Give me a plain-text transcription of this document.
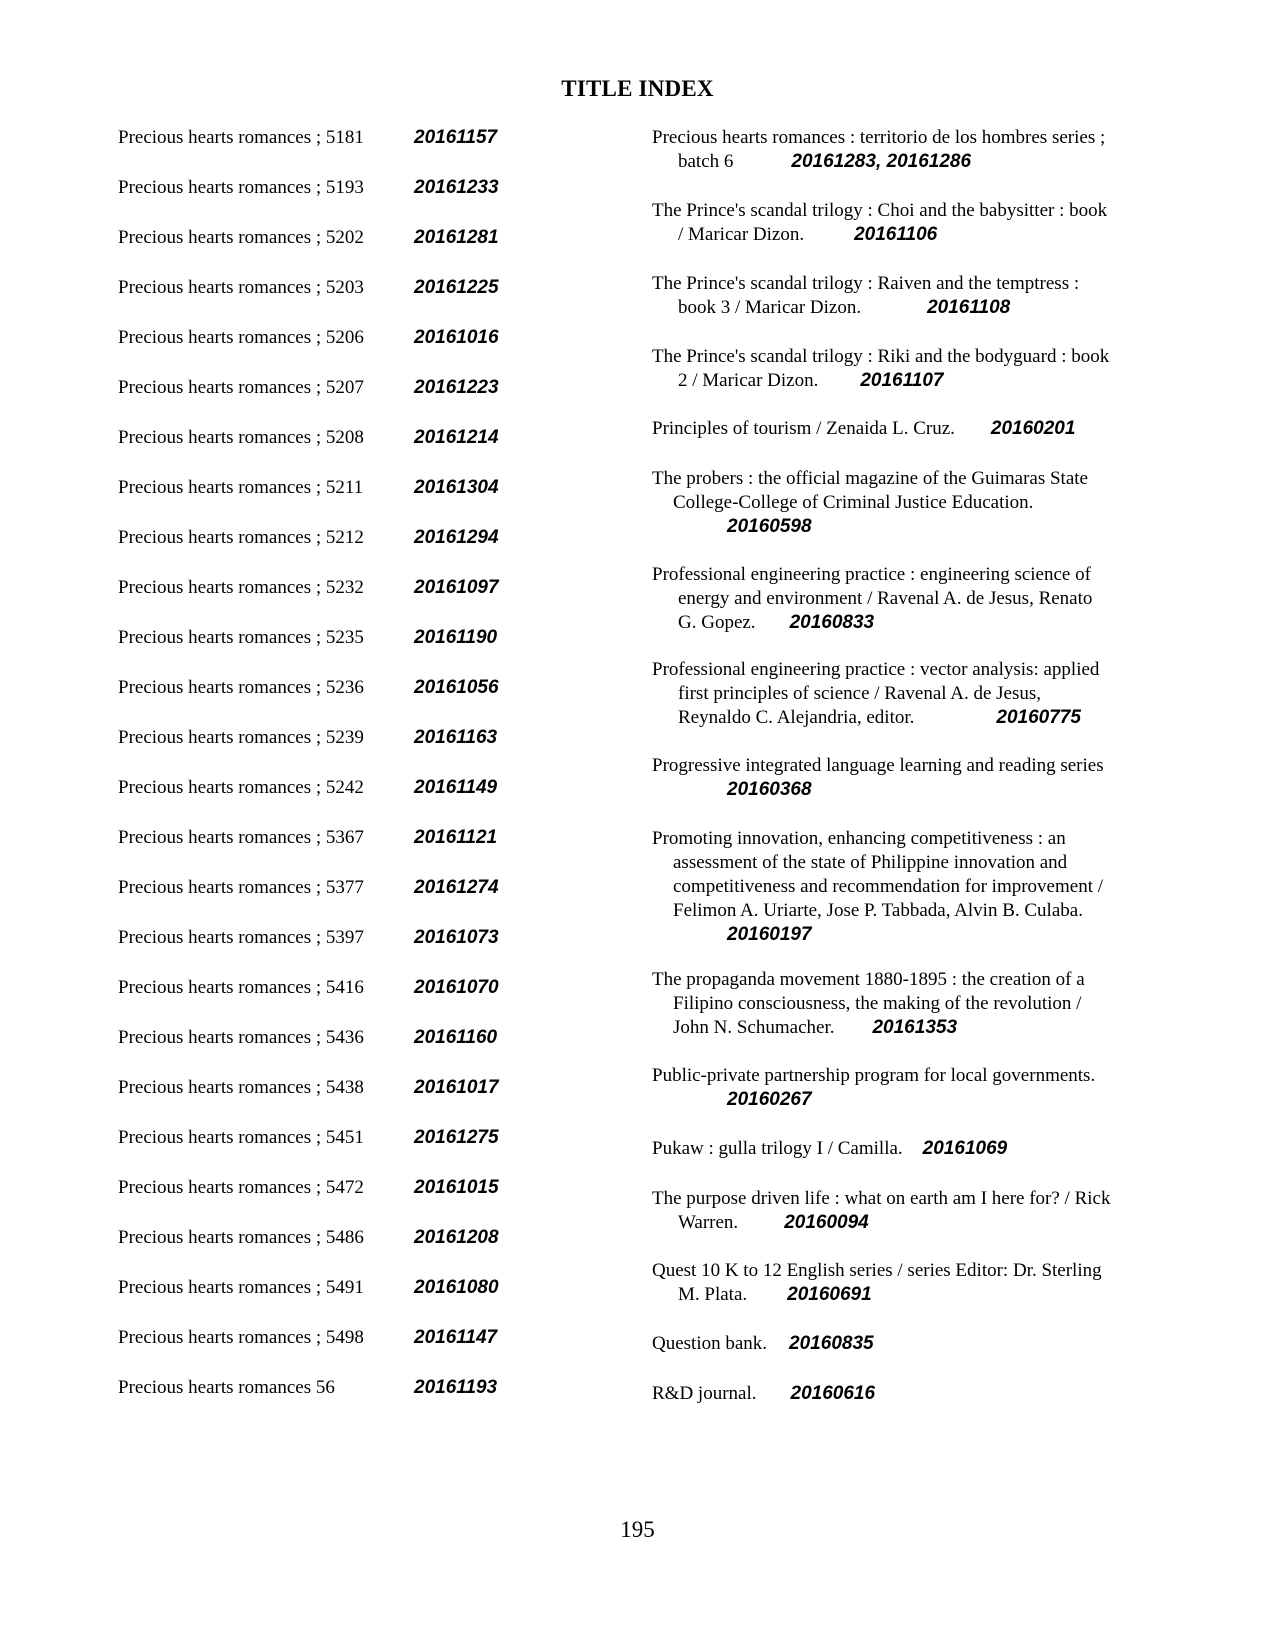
TITLE INDEX
Precious hearts romances ; 5181	20161157
Precious hearts romances ; 5193	20161233
Precious hearts romances ; 5202	20161281
Precious hearts romances ; 5203	20161225
Precious hearts romances ; 5206	20161016
Precious hearts romances ; 5207	20161223
Precious hearts romances ; 5208	20161214
Precious hearts romances ; 5211	20161304
Precious hearts romances ; 5212	20161294
Precious hearts romances ; 5232	20161097
Precious hearts romances ; 5235	20161190
Precious hearts romances ; 5236	20161056
Precious hearts romances ; 5239	20161163
Precious hearts romances ; 5242	20161149
Precious hearts romances ; 5367	20161121
Precious hearts romances ; 5377	20161274
Precious hearts romances ; 5397	20161073
Precious hearts romances ; 5416	20161070
Precious hearts romances ; 5436	20161160
Precious hearts romances ; 5438	20161017
Precious hearts romances ; 5451	20161275
Precious hearts romances ; 5472	20161015
Precious hearts romances ; 5486	20161208
Precious hearts romances ; 5491	20161080
Precious hearts romances ; 5498	20161147
Precious hearts romances 56	20161193
Precious hearts romances : territorio de los hombres series ;
batch 6	20161283, 20161286
The Prince's scandal trilogy : Choi and the babysitter : book
/ Maricar Dizon.	20161106
The Prince's scandal trilogy : Raiven and the temptress :
book 3 / Maricar Dizon.	20161108
The Prince's scandal trilogy : Riki and the bodyguard : book
2 / Maricar Dizon. 20161107
Principles of tourism / Zenaida L. Cruz. 20160201
The probers : the official magazine of the Guimaras State
College-College of Criminal Justice Education.
20160598
Professional engineering practice : engineering science of
energy and environment / Ravenal A. de Jesus, Renato
G. Gopez. 20160833
Professional engineering practice : vector analysis: applied
first principles of science / Ravenal A. de Jesus,
Reynaldo C. Alejandria, editor.	20160775
Progressive integrated language learning and reading series
20160368
Promoting innovation, enhancing competitiveness : an
assessment of the state of Philippine innovation and
competitiveness and recommendation for improvement /
Felimon A. Uriarte, Jose P. Tabbada, Alvin B. Culaba.
20160197
The propaganda movement 1880-1895 : the creation of a
Filipino consciousness, the making of the revolution /
John N. Schumacher. 20161353
Public-private partnership program for local governments.
20160267
Pukaw : gulla trilogy I / Camilla. 20161069
The purpose driven life : what on earth am I here for? / Rick
Warren. 20160094
Quest 10 K to 12 English series / series Editor: Dr. Sterling
M. Plata. 20160691
Question bank. 20160835
R&D journal. 20160616
195
